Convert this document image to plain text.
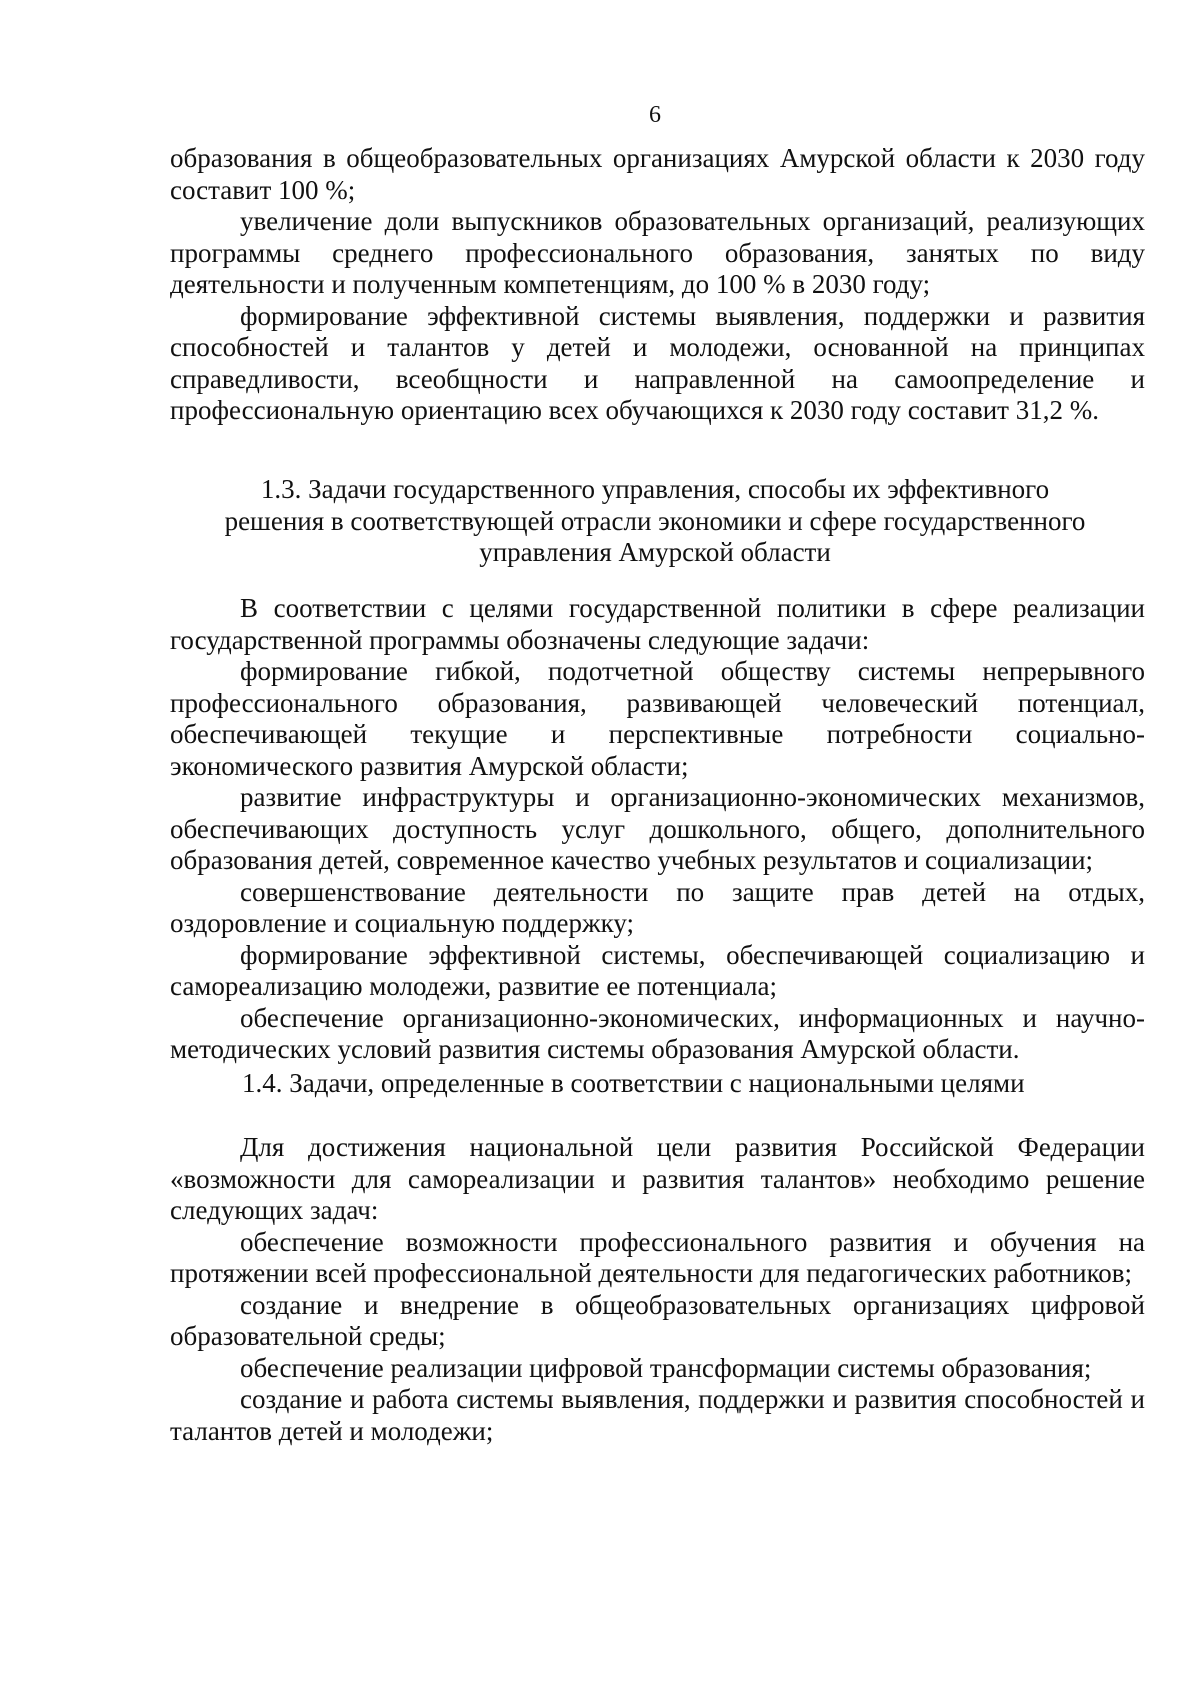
6

образования в общеобразовательных организациях Амурской области к 2030 году составит 100 %;

увеличение доли выпускников образовательных организаций, реализующих программы среднего профессионального образования, занятых по виду деятельности и полученным компетенциям, до 100 % в 2030 году;

формирование эффективной системы выявления, поддержки и развития способностей и талантов у детей и молодежи, основанной на принципах справедливости, всеобщности и направленной на самоопределение и профессиональную ориентацию всех обучающихся к 2030 году составит 31,2 %.

1.3. Задачи государственного управления, способы их эффективного

решения в соответствующей отрасли экономики и сфере государственного

управления Амурской области

В соответствии с целями государственной политики в сфере реализации государственной программы обозначены следующие задачи:

формирование гибкой, подотчетной обществу системы непрерывного профессионального образования, развивающей человеческий потенциал, обеспечивающей текущие и перспективные потребности социально-экономического развития Амурской области;

развитие инфраструктуры и организационно-экономических механизмов, обеспечивающих доступность услуг дошкольного, общего, дополнительного образования детей, современное качество учебных результатов и социализации;

совершенствование деятельности по защите прав детей на отдых, оздоровление и социальную поддержку;

формирование эффективной системы, обеспечивающей социализацию и самореализацию молодежи, развитие ее потенциала;

обеспечение организационно-экономических, информационных и научно-методических условий развития системы образования Амурской области.

1.4. Задачи, определенные в соответствии с национальными целями

Для достижения национальной цели развития Российской Федерации «возможности для самореализации и развития талантов» необходимо решение следующих задач:

обеспечение возможности профессионального развития и обучения на протяжении всей профессиональной деятельности для педагогических работников;

создание и внедрение в общеобразовательных организациях цифровой образовательной среды;

обеспечение реализации цифровой трансформации системы образования;

создание и работа системы выявления, поддержки и развития способностей и талантов детей и молодежи;
